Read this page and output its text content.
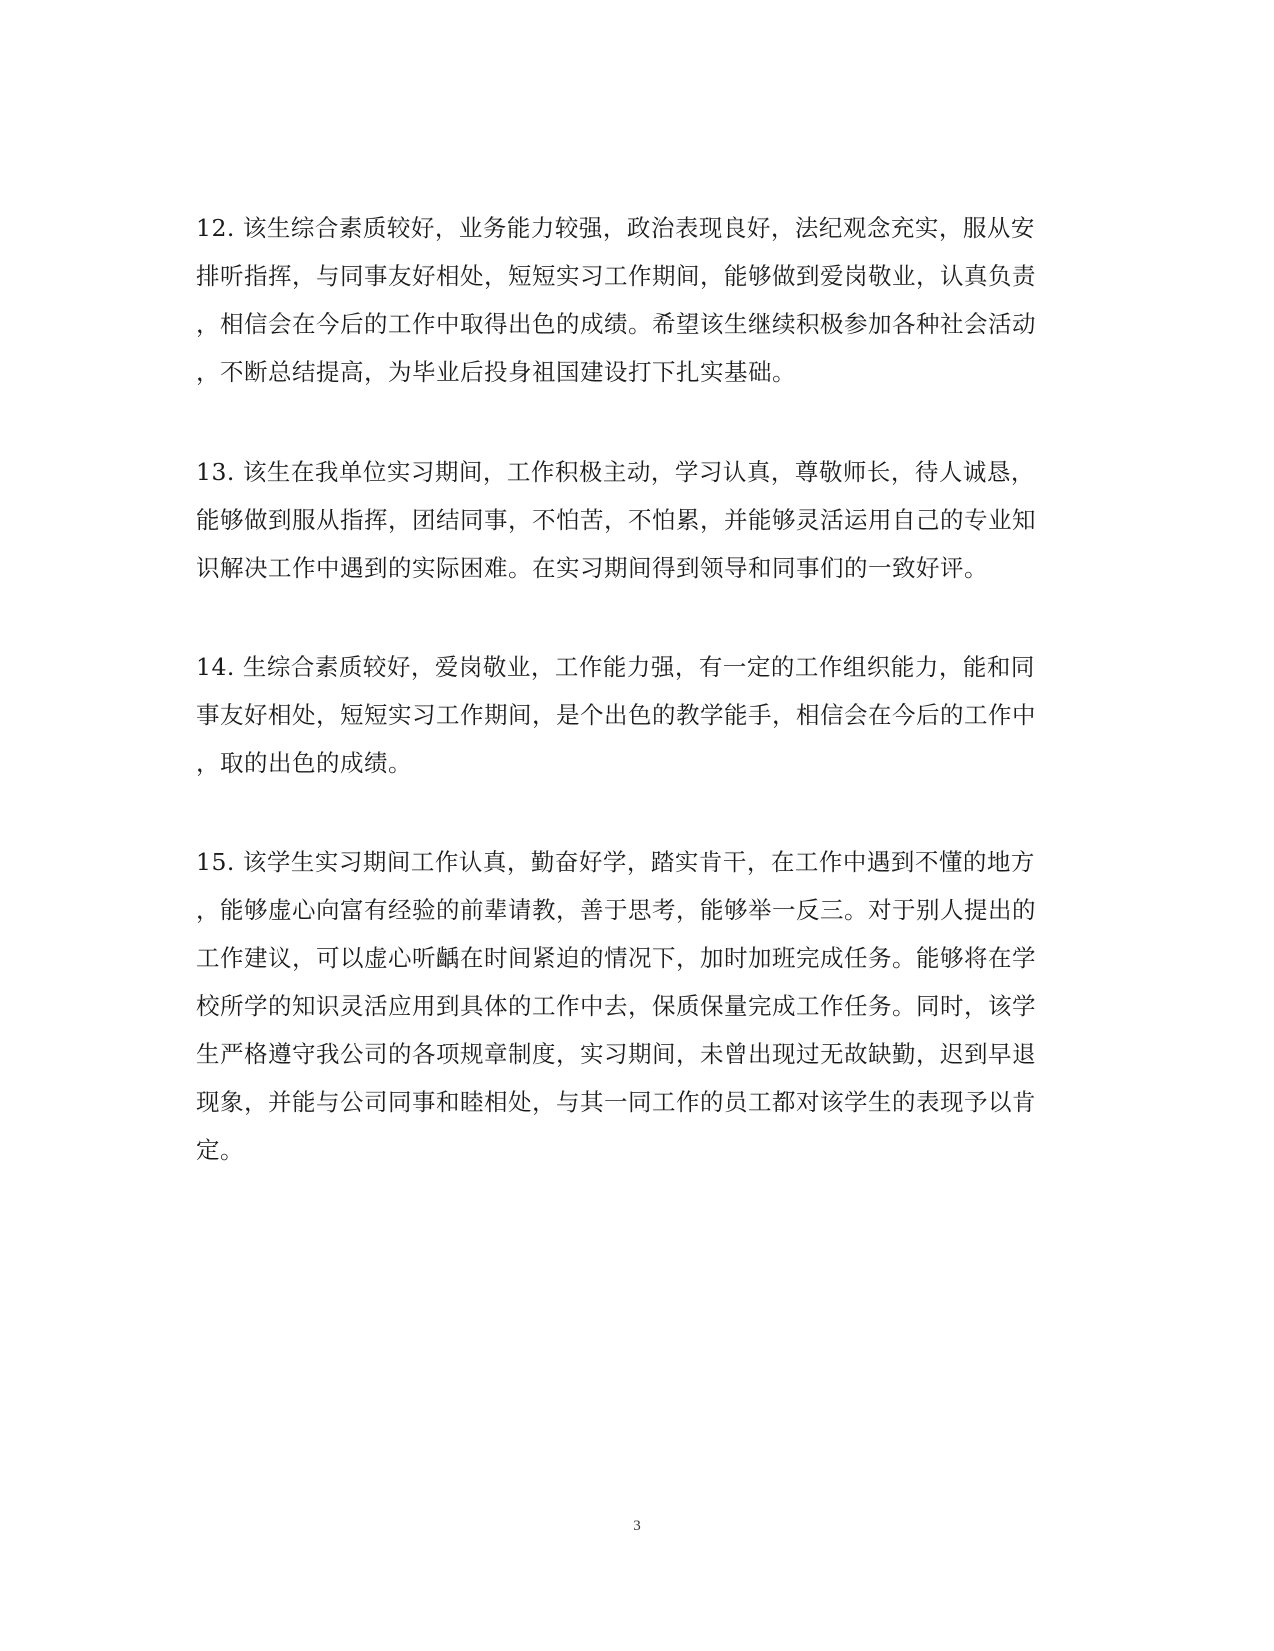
12. 该生综合素质较好，业务能力较强，政治表现良好，法纪观念充实，服从安
排听指挥，与同事友好相处，短短实习工作期间，能够做到爱岗敬业，认真负责
，相信会在今后的工作中取得出色的成绩。希望该生继续积极参加各种社会活动
，不断总结提高，为毕业后投身祖国建设打下扎实基础。
13. 该生在我单位实习期间，工作积极主动，学习认真，尊敬师长，待人诚恳，
能够做到服从指挥，团结同事，不怕苦，不怕累，并能够灵活运用自己的专业知
识解决工作中遇到的实际困难。在实习期间得到领导和同事们的一致好评。
14. 生综合素质较好，爱岗敬业，工作能力强，有一定的工作组织能力，能和同
事友好相处，短短实习工作期间，是个出色的教学能手，相信会在今后的工作中
，取的出色的成绩。
15. 该学生实习期间工作认真，勤奋好学，踏实肯干，在工作中遇到不懂的地方
，能够虚心向富有经验的前辈请教，善于思考，能够举一反三。对于别人提出的
工作建议，可以虚心听齲在时间紧迫的情况下，加时加班完成任务。能够将在学
校所学的知识灵活应用到具体的工作中去，保质保量完成工作任务。同时，该学
生严格遵守我公司的各项规章制度，实习期间，未曾出现过无故缺勤，迟到早退
现象，并能与公司同事和睦相处，与其一同工作的员工都对该学生的表现予以肯
定。
3
